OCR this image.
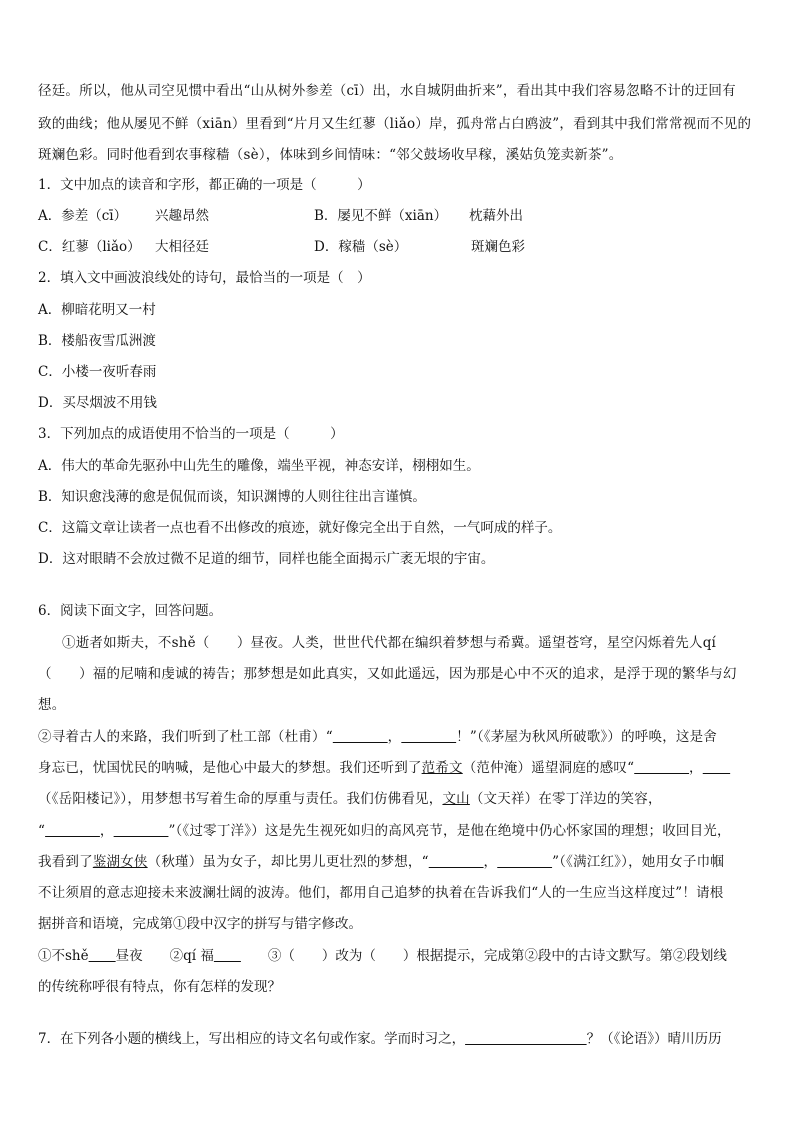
径廷。所以，他从司空见惯中看出“山从树外参差（cī）出，水自城阴曲折来”，看出其中我们容易忽略不计的迂回有
致的曲线；他从屡见不鲜（xiān）里看到“片月又生红蓼（liǎo）岸，孤舟常占白鸥波”，看到其中我们常常视而不见的
斑斓色彩。同时他看到农事稼穑（sè），体味到乡间情味：“邻父鼓场收早稼，溪姑负笼卖新茶”。
1．文中加点的读音和字形，都正确的一项是（　　　）
A．参差（cī） 兴趣昂然	B．屡见不鲜（xiān） 枕藉外出
C．红蓼（liǎo） 大相径廷	D．稼穑（sè）	斑斓色彩
2．填入文中画波浪线处的诗句，最恰当的一项是（　）
A．柳暗花明又一村
B．楼船夜雪瓜洲渡
C．小楼一夜听春雨
D．买尽烟波不用钱
3．下列加点的成语使用不恰当的一项是（　　　）
A．伟大的革命先驱孙中山先生的雕像，端坐平视，神态安详，栩栩如生。
B．知识愈浅薄的愈是侃侃而谈，知识渊博的人则往往出言谨慎。
C．这篇文章让读者一点也看不出修改的痕迹，就好像完全出于自然，一气呵成的样子。
D．这对眼睛不会放过微不足道的细节，同样也能全面揭示广袤无垠的宇宙。
6．阅读下面文字，回答问题。
①逝者如斯夫，不shě（　　）昼夜。人类，世世代代都在编织着梦想与希冀。遥望苍穹，星空闪烁着先人qí
（　　）福的尼喃和虔诚的祷告；那梦想是如此真实，又如此遥远，因为那是心中不灭的追求，是浮于现的繁华与幻
想。
②寻着古人的来路，我们听到了杜工部（杜甫）“    	，    	！”（《茅屋为秋风所破歌》）的呼唤，这是舍
身忘已，忧国忧民的呐喊，是他心中最大的梦想。我们还听到了范希文（范仲淹）遥望洞庭的感叹“    	，  
（《岳阳楼记》），用梦想书写着生命的厚重与责任。我们仿佛看见，文山（文天祥）在零丁洋边的笑容，
“    	，    	”（《过零丁洋》）这是先生视死如归的高风亮节，是他在绝境中仍心怀家国的理想；收回目光，
我看到了鉴湖女侠（秋瑾）虽为女子，却比男儿更壮烈的梦想，“    	，    	”（《满江红》），她用女子巾帼
不让须眉的意志迎接未来波澜壮阔的波涛。他们，都用自己追梦的执着在告诉我们“人的一生应当这样度过”！请根
据拼音和语境，完成第①段中汉字的拼写与错字修改。
①不shě   昼夜   ②qí 福    	③（　　）改为（　　）根据提示，完成第②段中的古诗文默写。第②段划线
的传统称呼很有特点，你有怎样的发现？
7．在下列各小题的横线上，写出相应的诗文名句或作家。学而时习之，         	？（《论语》）晴川历历
